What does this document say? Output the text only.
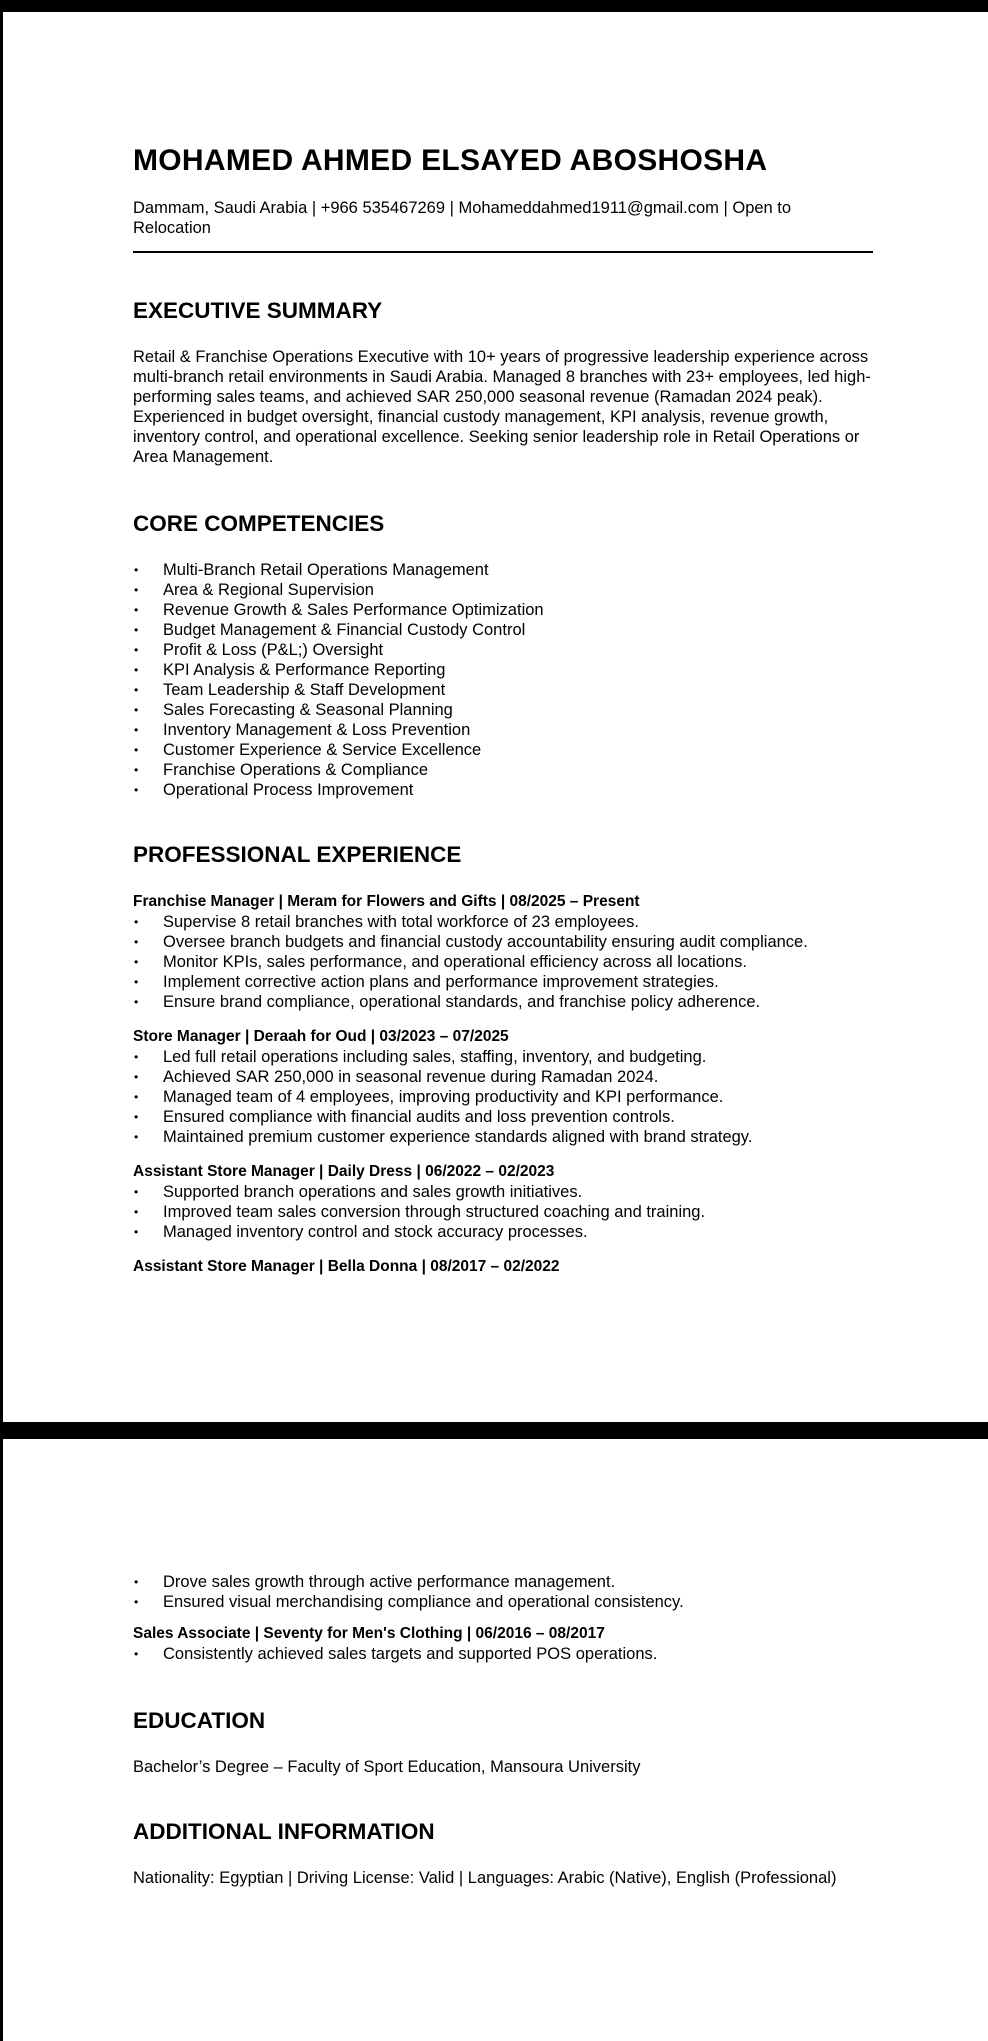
MOHAMED AHMED ELSAYED ABOSHOSHA

Dammam, Saudi Arabia | +966 535467269 | Mohameddahmed1911@gmail.com | Open to Relocation

EXECUTIVE SUMMARY

Retail & Franchise Operations Executive with 10+ years of progressive leadership experience across multi-branch retail environments in Saudi Arabia. Managed 8 branches with 23+ employees, led high-performing sales teams, and achieved SAR 250,000 seasonal revenue (Ramadan 2024 peak). Experienced in budget oversight, financial custody management, KPI analysis, revenue growth, inventory control, and operational excellence. Seeking senior leadership role in Retail Operations or Area Management.

CORE COMPETENCIES
• Multi-Branch Retail Operations Management
• Area & Regional Supervision
• Revenue Growth & Sales Performance Optimization
• Budget Management & Financial Custody Control
• Profit & Loss (P&L;) Oversight
• KPI Analysis & Performance Reporting
• Team Leadership & Staff Development
• Sales Forecasting & Seasonal Planning
• Inventory Management & Loss Prevention
• Customer Experience & Service Excellence
• Franchise Operations & Compliance
• Operational Process Improvement
PROFESSIONAL EXPERIENCE

Franchise Manager | Meram for Flowers and Gifts | 08/2025 – Present

• Supervise 8 retail branches with total workforce of 23 employees.
• Oversee branch budgets and financial custody accountability ensuring audit compliance.
• Monitor KPIs, sales performance, and operational efficiency across all locations.
• Implement corrective action plans and performance improvement strategies.
• Ensure brand compliance, operational standards, and franchise policy adherence.

Store Manager | Deraah for Oud | 03/2023 – 07/2025

• Led full retail operations including sales, staffing, inventory, and budgeting.
• Achieved SAR 250,000 in seasonal revenue during Ramadan 2024.
• Managed team of 4 employees, improving productivity and KPI performance.
• Ensured compliance with financial audits and loss prevention controls.
• Maintained premium customer experience standards aligned with brand strategy.

Assistant Store Manager | Daily Dress | 06/2022 – 02/2023

• Supported branch operations and sales growth initiatives.
• Improved team sales conversion through structured coaching and training.
• Managed inventory control and stock accuracy processes.

Assistant Store Manager | Bella Donna | 08/2017 – 02/2022

• Drove sales growth through active performance management.
• Ensured visual merchandising compliance and operational consistency.

Sales Associate | Seventy for Men's Clothing | 06/2016 – 08/2017

• Consistently achieved sales targets and supported POS operations.
EDUCATION

Bachelor’s Degree – Faculty of Sport Education, Mansoura University

ADDITIONAL INFORMATION

Nationality: Egyptian | Driving License: Valid | Languages: Arabic (Native), English (Professional)
